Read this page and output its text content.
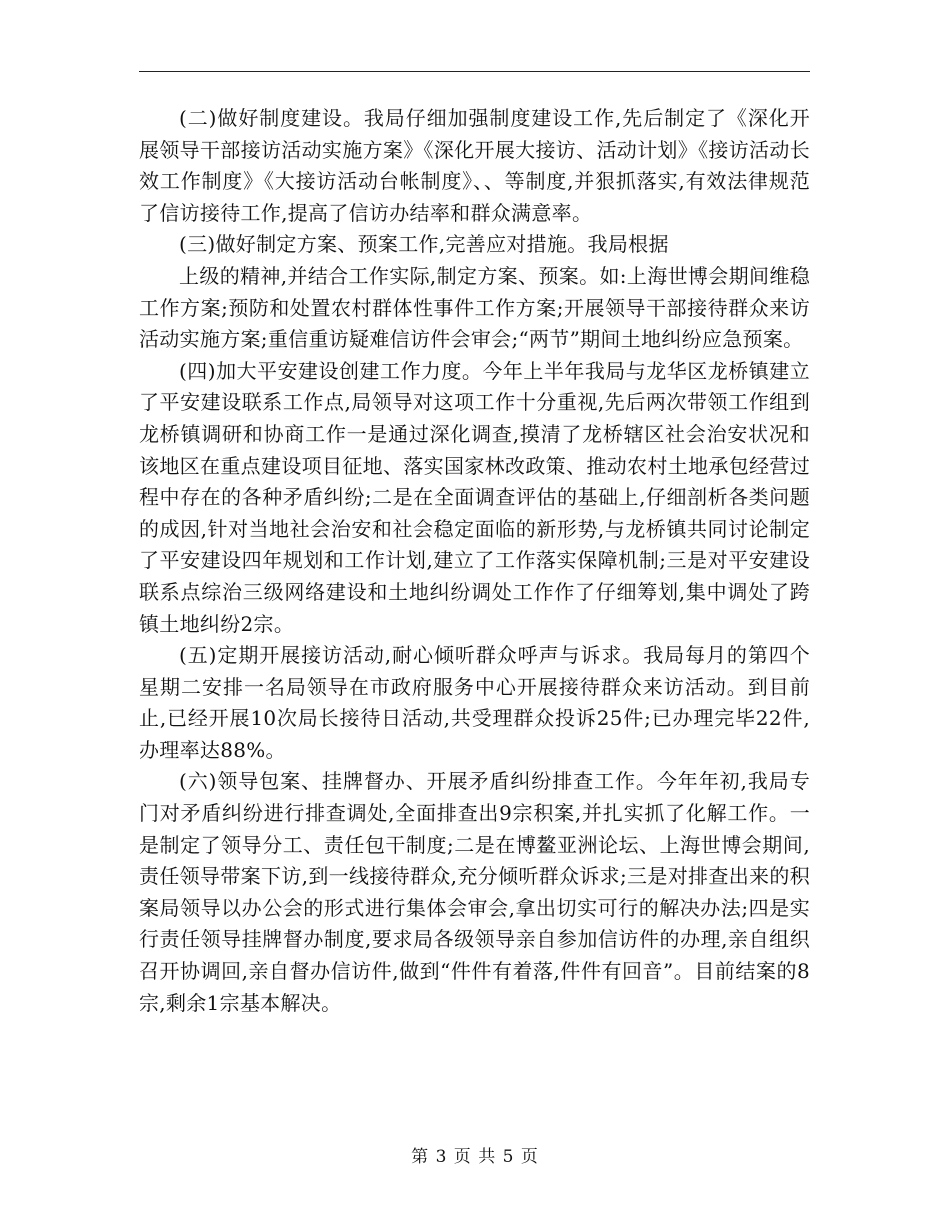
(二)做好制度建设。我局仔细加强制度建设工作,先后制定了《深化开展领导干部接访活动实施方案》《深化开展大接访、活动计划》《接访活动长效工作制度》《大接访活动台帐制度》、、等制度,并狠抓落实,有效法律规范了信访接待工作,提高了信访办结率和群众满意率。

(三)做好制定方案、预案工作,完善应对措施。我局根据

上级的精神,并结合工作实际,制定方案、预案。如:上海世博会期间维稳工作方案;预防和处置农村群体性事件工作方案;开展领导干部接待群众来访活动实施方案;重信重访疑难信访件会审会;“两节”期间土地纠纷应急预案。

(四)加大平安建设创建工作力度。今年上半年我局与龙华区龙桥镇建立了平安建设联系工作点,局领导对这项工作十分重视,先后两次带领工作组到龙桥镇调研和协商工作一是通过深化调查,摸清了龙桥辖区社会治安状况和该地区在重点建设项目征地、落实国家林改政策、推动农村土地承包经营过程中存在的各种矛盾纠纷;二是在全面调查评估的基础上,仔细剖析各类问题的成因,针对当地社会治安和社会稳定面临的新形势,与龙桥镇共同讨论制定了平安建设四年规划和工作计划,建立了工作落实保障机制;三是对平安建设联系点综治三级网络建设和土地纠纷调处工作作了仔细筹划,集中调处了跨镇土地纠纷2宗。

(五)定期开展接访活动,耐心倾听群众呼声与诉求。我局每月的第四个星期二安排一名局领导在市政府服务中心开展接待群众来访活动。到目前止,已经开展10次局长接待日活动,共受理群众投诉25件;已办理完毕22件,办理率达88%。

(六)领导包案、挂牌督办、开展矛盾纠纷排查工作。今年年初,我局专门对矛盾纠纷进行排查调处,全面排查出9宗积案,并扎实抓了化解工作。一是制定了领导分工、责任包干制度;二是在博鳌亚洲论坛、上海世博会期间,责任领导带案下访,到一线接待群众,充分倾听群众诉求;三是对排查出来的积案局领导以办公会的形式进行集体会审会,拿出切实可行的解决办法;四是实行责任领导挂牌督办制度,要求局各级领导亲自参加信访件的办理,亲自组织召开协调回,亲自督办信访件,做到“件件有着落,件件有回音”。目前结案的8宗,剩余1宗基本解决。

第 3 页 共 5 页
